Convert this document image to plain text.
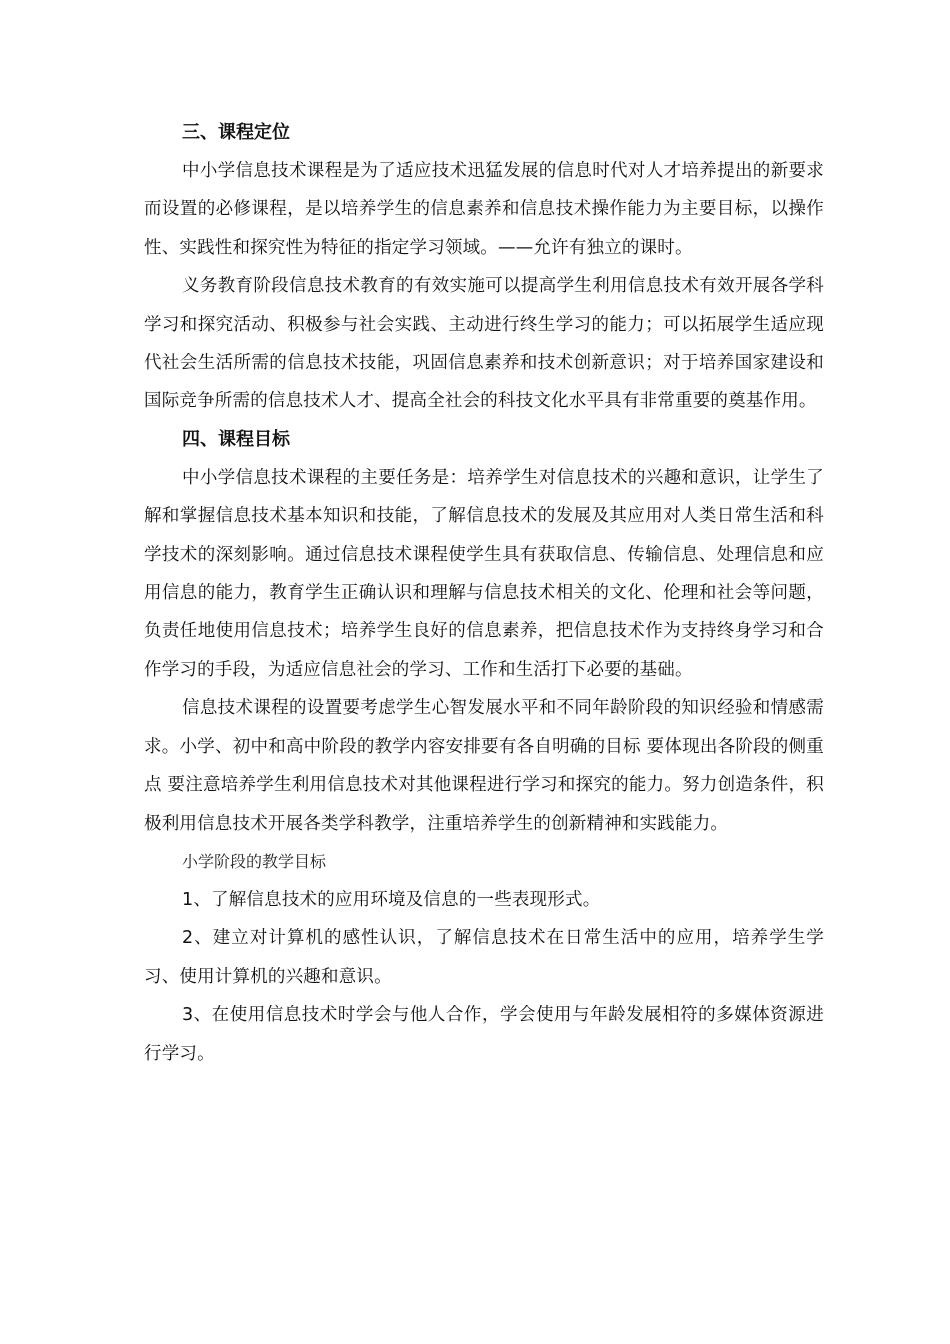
三、课程定位

中小学信息技术课程是为了适应技术迅猛发展的信息时代对人才培养提出的新要求而设置的必修课程，是以培养学生的信息素养和信息技术操作能力为主要目标，以操作性、实践性和探究性为特征的指定学习领域。——允许有独立的课时。

义务教育阶段信息技术教育的有效实施可以提高学生利用信息技术有效开展各学科学习和探究活动、积极参与社会实践、主动进行终生学习的能力；可以拓展学生适应现代社会生活所需的信息技术技能，巩固信息素养和技术创新意识；对于培养国家建设和国际竞争所需的信息技术人才、提高全社会的科技文化水平具有非常重要的奠基作用。

四、课程目标

中小学信息技术课程的主要任务是：培养学生对信息技术的兴趣和意识，让学生了解和掌握信息技术基本知识和技能，了解信息技术的发展及其应用对人类日常生活和科学技术的深刻影响。通过信息技术课程使学生具有获取信息、传输信息、处理信息和应用信息的能力，教育学生正确认识和理解与信息技术相关的文化、伦理和社会等问题，负责任地使用信息技术；培养学生良好的信息素养，把信息技术作为支持终身学习和合作学习的手段，为适应信息社会的学习、工作和生活打下必要的基础。

信息技术课程的设置要考虑学生心智发展水平和不同年龄阶段的知识经验和情感需求。小学、初中和高中阶段的教学内容安排要有各自明确的目标 要体现出各阶段的侧重点 要注意培养学生利用信息技术对其他课程进行学习和探究的能力。努力创造条件，积极利用信息技术开展各类学科教学，注重培养学生的创新精神和实践能力。

小学阶段的教学目标

1、了解信息技术的应用环境及信息的一些表现形式。

2、建立对计算机的感性认识，了解信息技术在日常生活中的应用，培养学生学习、使用计算机的兴趣和意识。

3、在使用信息技术时学会与他人合作，学会使用与年龄发展相符的多媒体资源进行学习。
